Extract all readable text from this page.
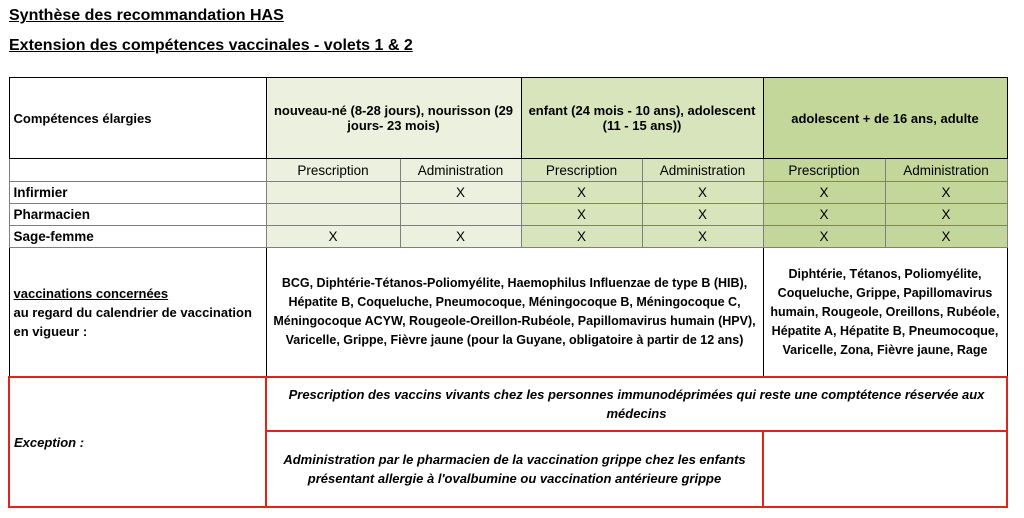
Synthèse des recommandation HAS
Extension des compétences vaccinales - volets 1 & 2
Compétences élargies	nouveau-né (8-28 jours), nourisson (29 jours- 23 mois)		enfant (24 mois - 10 ans), adolescent (11 - 15 ans))		adolescent + de 16 ans, adulte	
	Prescription	Administration	Prescription	Administration	Prescription	Administration
Infirmier		X	X	X	X	X
Pharmacien			X	X	X	X
Sage-femme	X	X	X	X	X	X
vaccinations concernées
au regard du calendrier de vaccination en vigueur :	BCG, Diphtérie-Tétanos-Poliomyélite, Haemophilus Influenzae de type B (HIB), Hépatite B, Coqueluche, Pneumocoque, Méningocoque B, Méningocoque C, Méningocoque ACYW, Rougeole-Oreillon-Rubéole, Papillomavirus humain (HPV), Varicelle, Grippe, Fièvre jaune (pour la Guyane, obligatoire à partir de 12 ans)				Diphtérie, Tétanos, Poliomyélite, Coqueluche, Grippe, Papillomavirus humain, Rougeole, Oreillons, Rubéole, Hépatite A, Hépatite B, Pneumocoque, Varicelle, Zona, Fièvre jaune, Rage	
Exception :	Prescription des vaccins vivants chez les personnes immunodéprimées qui reste une comptétence réservée aux médecins					
	Administration par le pharmacien de la vaccination grippe chez les enfants présentant allergie à l'ovalbumine ou vaccination antérieure grippe					
